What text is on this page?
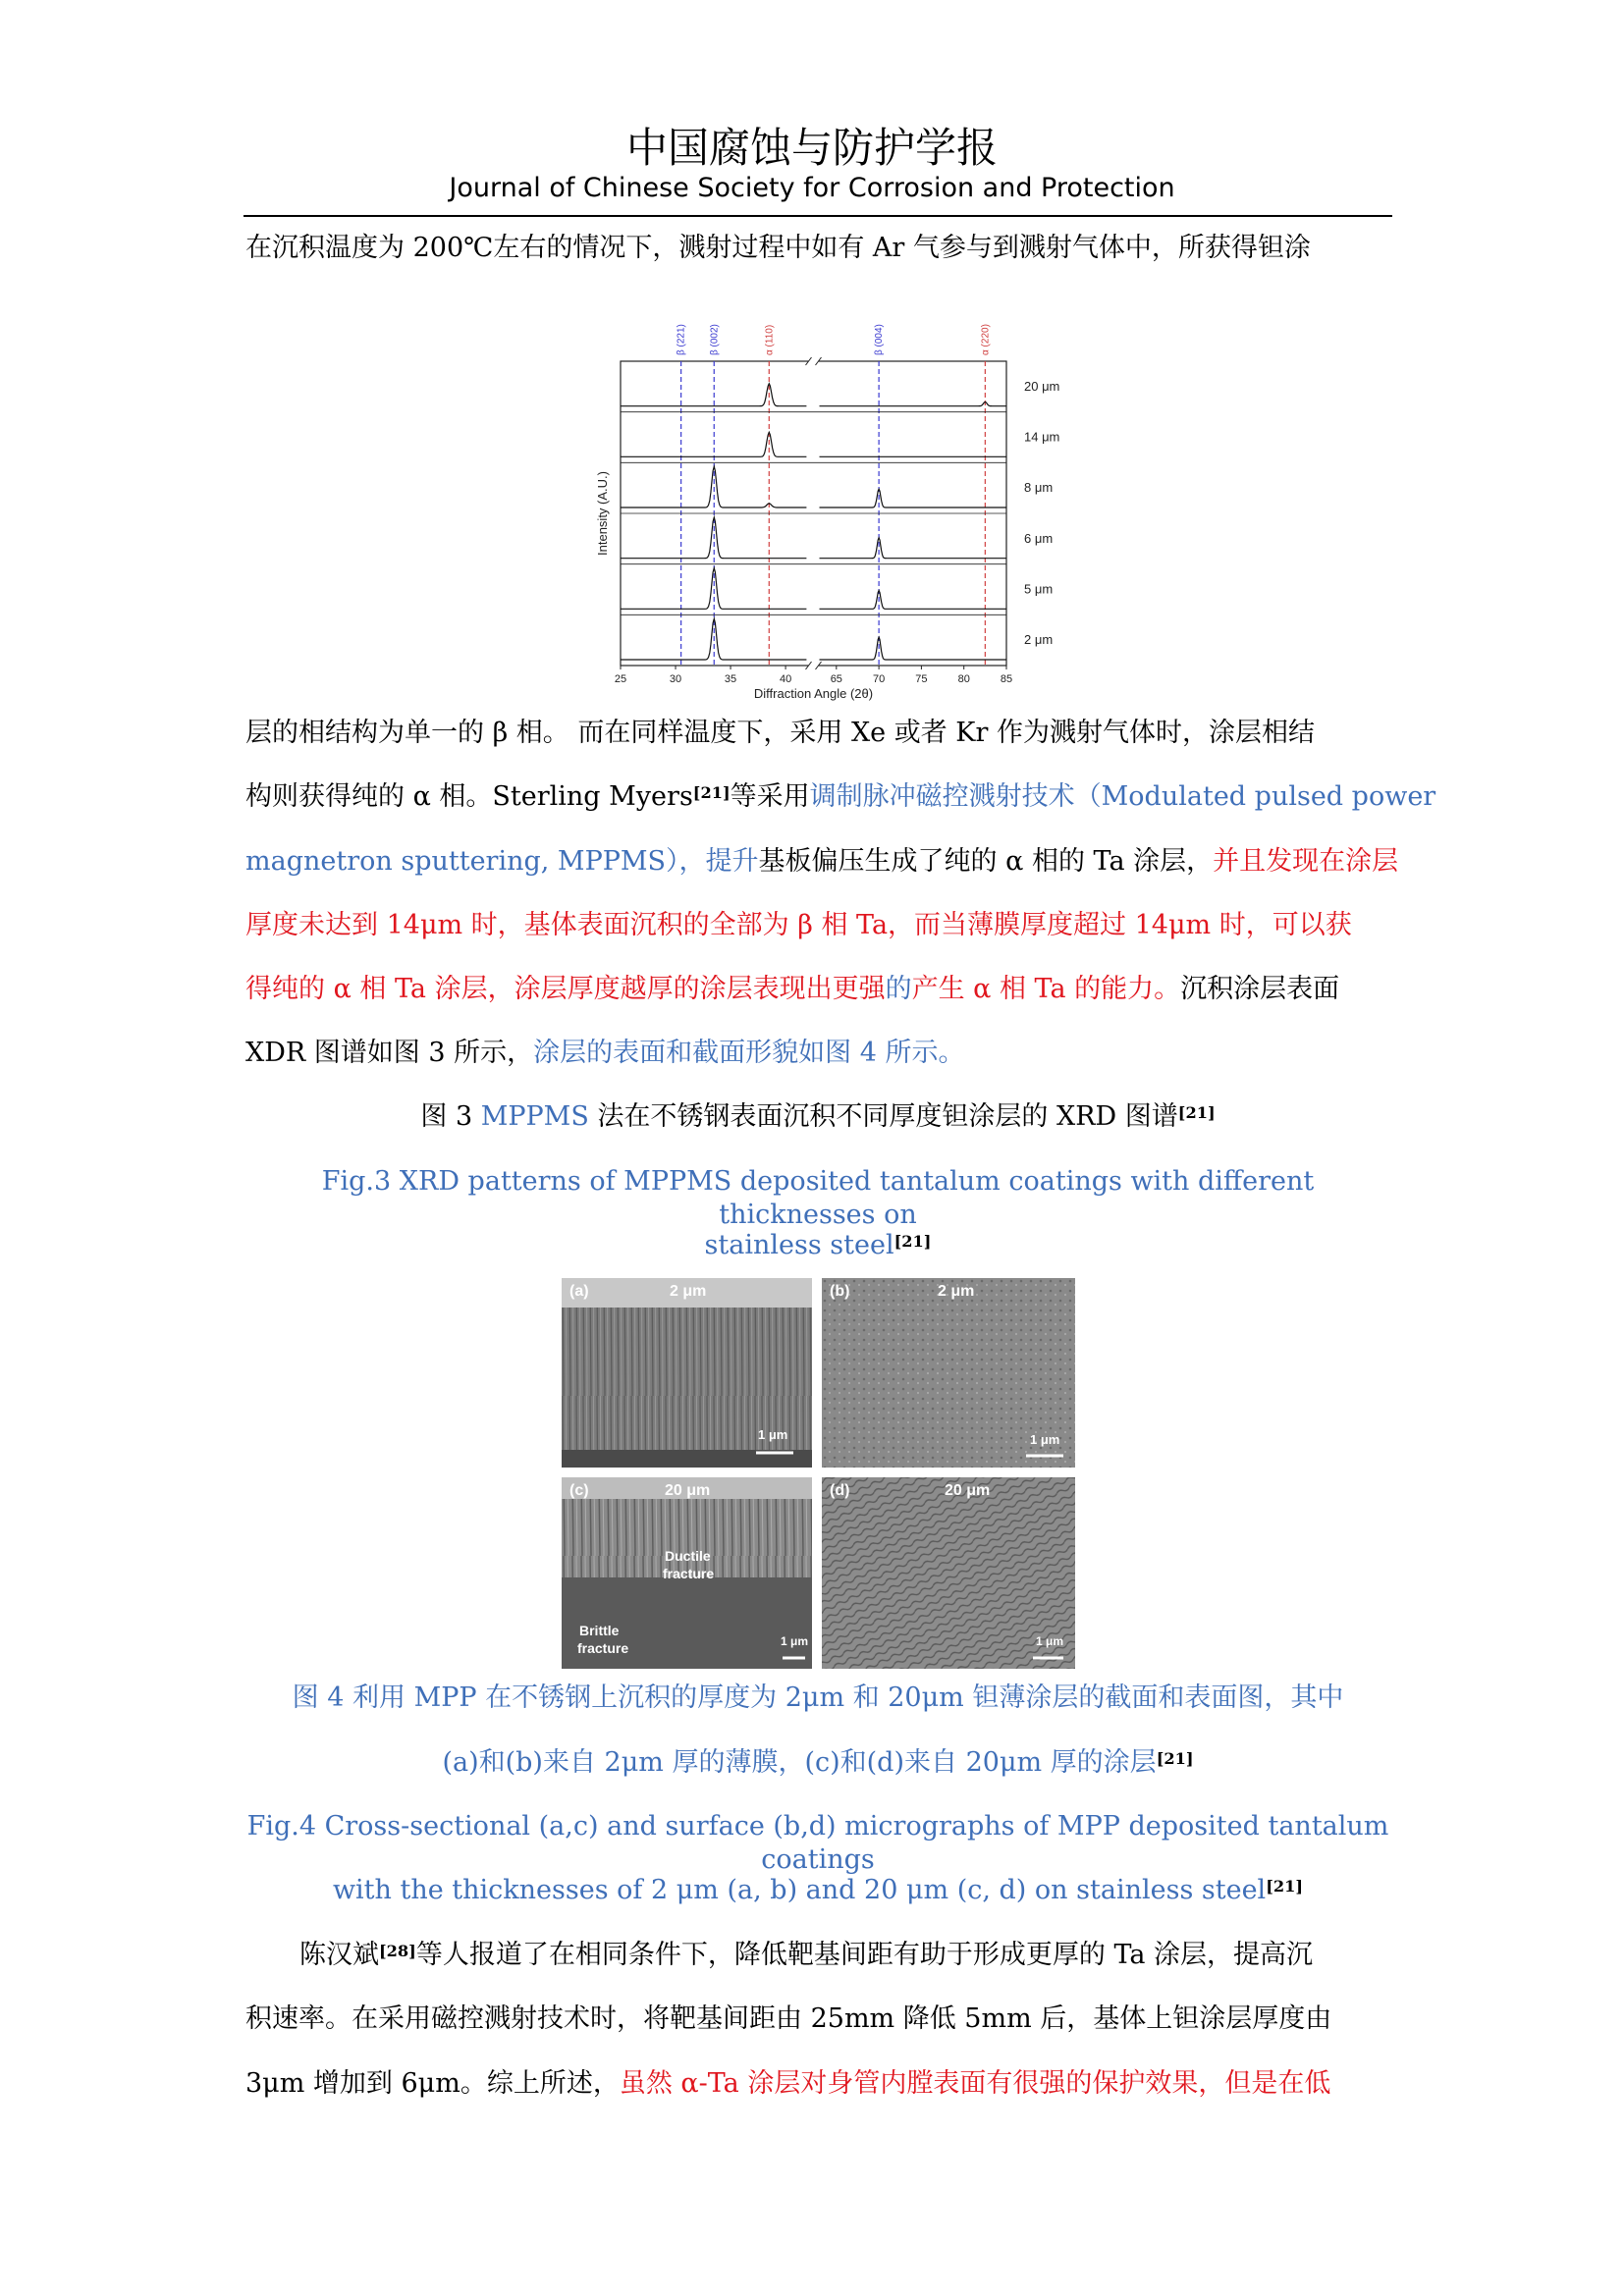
中国腐蚀与防护学报
Journal of Chinese Society for Corrosion and Protection
在沉积温度为 200℃左右的情况下，溅射过程中如有 Ar 气参与到溅射气体中，所获得钽涂
β (221) β (002)	α (110)	β (004)	α (220)
20 μm
14 μm
8 μm
6 μm
5 μm
2 μm
25	30	35	40	65	70	75	80	85
Diffraction Angle (2θ)
Intensity (A.U.)
层的相结构为单一的 β 相。 而在同样温度下，采用 Xe 或者 Kr 作为溅射气体时，涂层相结
构则获得纯的 α 相。Sterling Myers[21]等采用调制脉冲磁控溅射技术（Modulated pulsed power
magnetron sputtering, MPPMS），提升基板偏压生成了纯的 α 相的 Ta 涂层，并且发现在涂层
厚度未达到 14μm 时，基体表面沉积的全部为 β 相 Ta，而当薄膜厚度超过 14μm 时，可以获
得纯的 α 相 Ta 涂层，涂层厚度越厚的涂层表现出更强的产生 α 相 Ta 的能力。沉积涂层表面
XDR 图谱如图 3 所示，涂层的表面和截面形貌如图 4 所示。
图 3 MPPMS 法在不锈钢表面沉积不同厚度钽涂层的 XRD 图谱[21]
Fig.3 XRD patterns of MPPMS deposited tantalum coatings with different thicknesses on
stainless steel[21]
(a)	2 μm
1 μm
(b)	2 μm
1 μm
(c)	20 μm
Ductile
fracture
Brittle
fracture	1 μm
(d)	20 μm
1 μm
图 4 利用 MPP 在不锈钢上沉积的厚度为 2μm 和 20μm 钽薄涂层的截面和表面图，其中
(a)和(b)来自 2μm 厚的薄膜，(c)和(d)来自 20μm 厚的涂层[21]
Fig.4 Cross-sectional (a,c) and surface (b,d) micrographs of MPP deposited tantalum coatings
with the thicknesses of 2 μm (a, b) and 20 μm (c, d) on stainless steel[21]
陈汉斌[28]等人报道了在相同条件下，降低靶基间距有助于形成更厚的 Ta 涂层，提高沉
积速率。在采用磁控溅射技术时，将靶基间距由 25mm 降低 5mm 后，基体上钽涂层厚度由
3μm 增加到 6μm。综上所述，虽然 α-Ta 涂层对身管内膛表面有很强的保护效果，但是在低
